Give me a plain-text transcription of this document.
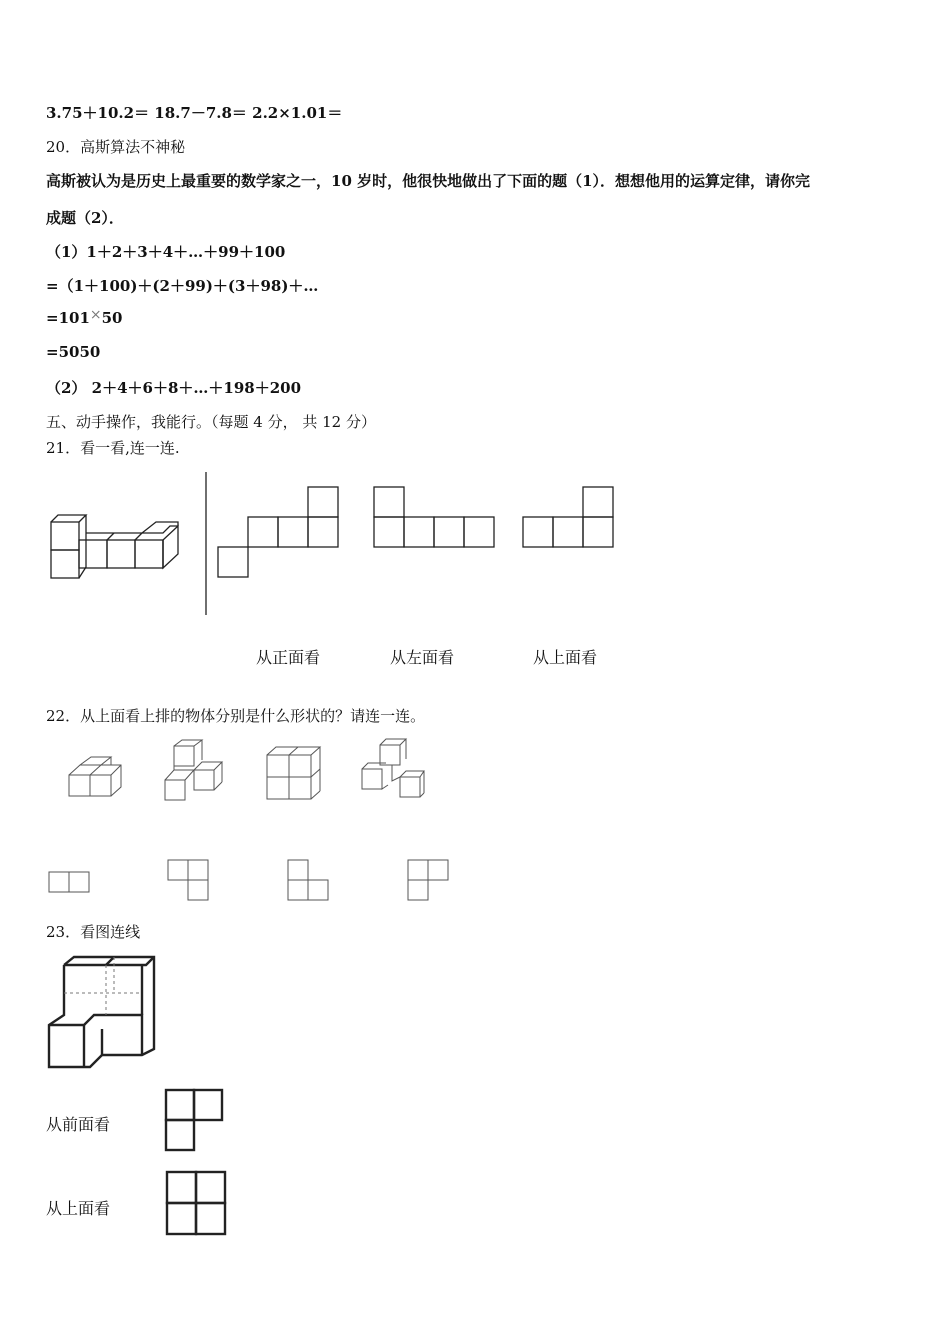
3.75＋10.2＝ 18.7－7.8＝ 2.2×1.01＝
20．高斯算法不神秘
高斯被认为是历史上最重要的数学家之一，10 岁时，他很快地做出了下面的题（1）．想想他用的运算定律，请你完
成题（2）．
（1）1＋2＋3＋4＋…＋99＋100
=（1＋100)＋(2＋99)＋(3＋98)＋…
=101×50
=5050
（2） 2＋4＋6＋8＋…＋198＋200
五、动手操作，我能行。（每题 4 分， 共 12 分）
21．看一看,连一连.
从正面看	从左面看	从上面看
22．从上面看上排的物体分别是什么形状的？请连一连。
23．看图连线
从前面看
从上面看
